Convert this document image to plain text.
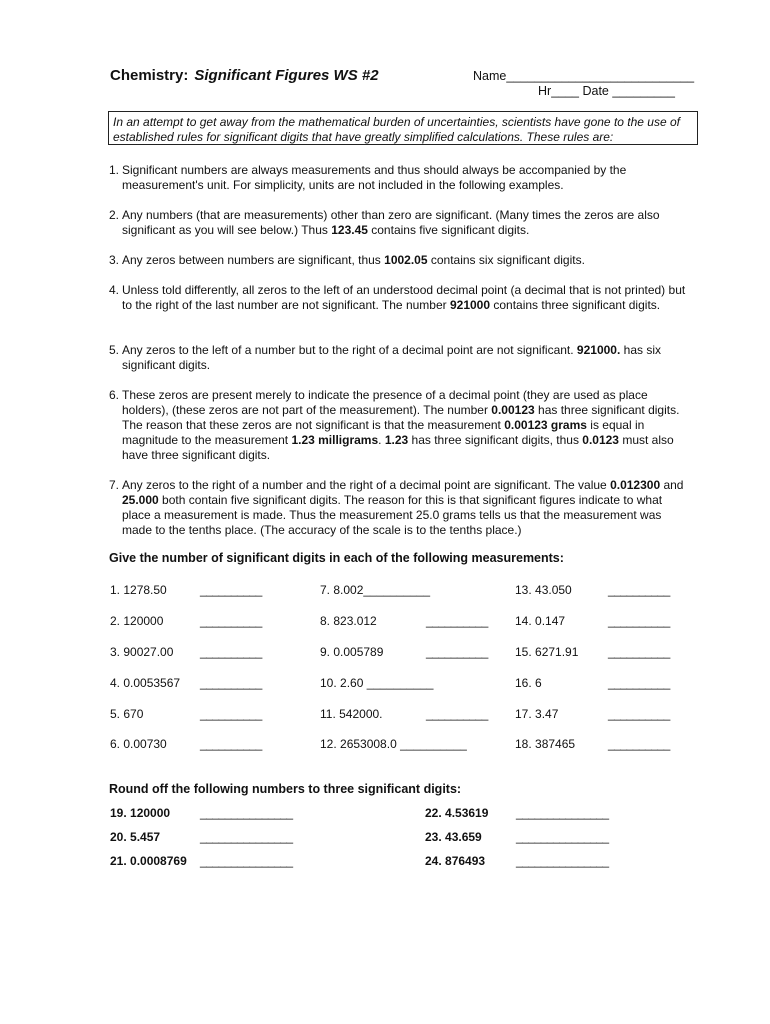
Chemistry: Significant Figures WS #2	Name___________________________
Hr____ Date _________
In an attempt to get away from the mathematical burden of uncertainties, scientists have gone to the use of established rules for significant digits that have greatly simplified calculations. These rules are:
1. Significant numbers are always measurements and thus should always be accompanied by the measurement's unit. For simplicity, units are not included in the following examples.
2. Any numbers (that are measurements) other than zero are significant. (Many times the zeros are also significant as you will see below.) Thus 123.45 contains five significant digits.
3. Any zeros between numbers are significant, thus 1002.05 contains six significant digits.
4. Unless told differently, all zeros to the left of an understood decimal point (a decimal that is not printed) but to the right of the last number are not significant. The number 921000 contains three significant digits.
5. Any zeros to the left of a number but to the right of a decimal point are not significant. 921000. has six significant digits.
6. These zeros are present merely to indicate the presence of a decimal point (they are used as place holders), (these zeros are not part of the measurement). The number 0.00123 has three significant digits. The reason that these zeros are not significant is that the measurement 0.00123 grams is equal in magnitude to the measurement 1.23 milligrams. 1.23 has three significant digits, thus 0.0123 must also have three significant digits.
7. Any zeros to the right of a number and the right of a decimal point are significant. The value 0.012300 and 25.000 both contain five significant digits. The reason for this is that significant figures indicate to what place a measurement is made. Thus the measurement 25.0 grams tells us that the measurement was made to the tenths place. (The accuracy of the scale is to the tenths place.)
Give the number of significant digits in each of the following measurements:
1. 1278.50	__________	7. 8.002__________	13. 43.050	__________
2. 120000	__________	8. 823.012	__________ 14. 0.147	__________
3. 90027.00 __________	9. 0.005789	__________ 15. 6271.91 __________
4. 0.0053567 __________	10. 2.60 __________	16. 6	__________
5. 670	__________	11. 542000.	__________ 17. 3.47	__________
6. 0.00730	__________	12. 2653008.0 __________	18. 387465	__________
Round off the following numbers to three significant digits:
19. 120000 _______________	22. 4.53619 _______________
20. 5.457	_______________	23. 43.659	_______________
21. 0.0008769 _______________	24. 876493	_______________
